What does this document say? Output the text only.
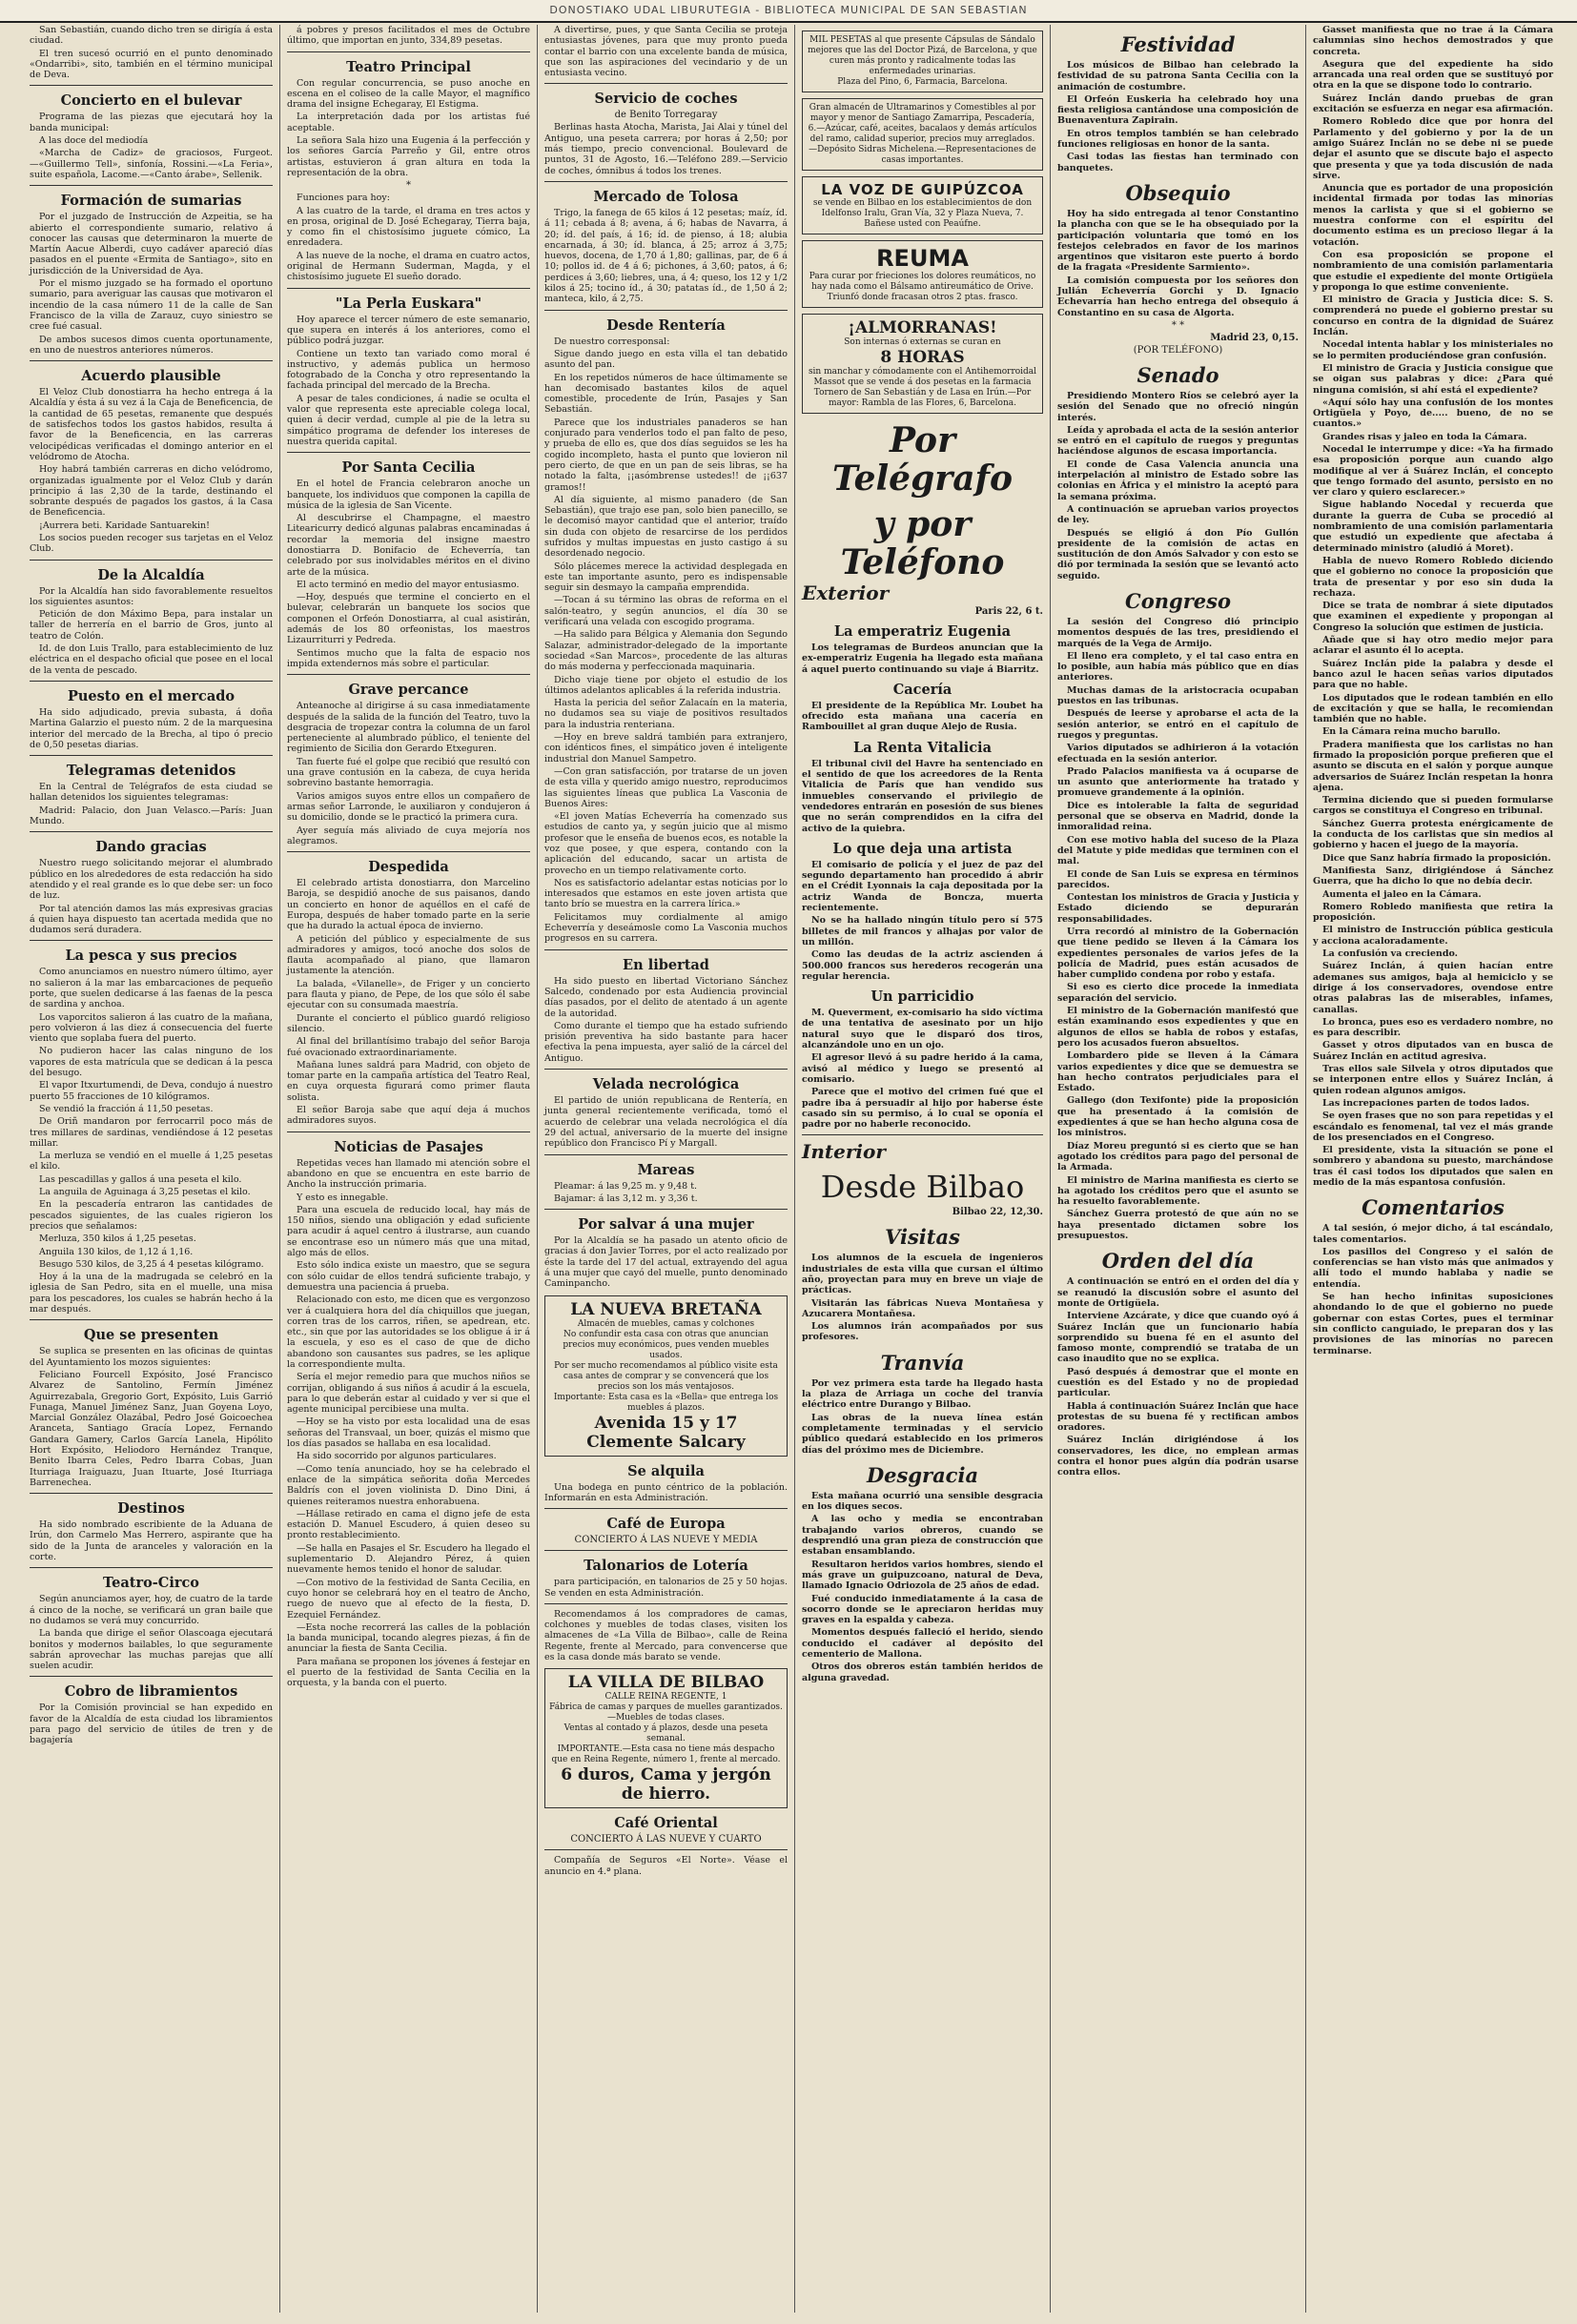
DONOSTIAKO UDAL LIBURUTEGIA - BIBLIOTECA MUNICIPAL DE SAN SEBASTIAN

San Sebastián, cuando dicho tren se dirigía á esta ciudad.

El tren sucesó ocurrió en el punto denominado «Ondarribi», sito, también en el término municipal de Deva.

Concierto en el bulevar

Programa de las piezas que ejecutará hoy la banda municipal:

A las doce del mediodía

«Marcha de Cadiz» de graciosos, Furgeot.—«Guillermo Tell», sinfonía, Rossini.—«La Feria», suite española, Lacome.—«Canto árabe», Sellenik.

Formación de sumarias

Por el juzgado de Instrucción de Azpeitia, se ha abierto el correspondiente sumario, relativo á conocer las causas que determinaron la muerte de Martín Aacue Alberdi, cuyo cadáver apareció días pasados en el puente «Ermita de Santiago», sito en jurisdicción de la Universidad de Aya.

Por el mismo juzgado se ha formado el oportuno sumario, para averiguar las causas que motivaron el incendio de la casa número 11 de la calle de San Francisco de la villa de Zarauz, cuyo siniestro se cree fué casual.

De ambos sucesos dimos cuenta oportunamente, en uno de nuestros anteriores números.

Acuerdo plausible

El Veloz Club donostiarra ha hecho entrega á la Alcaldía y ésta á su vez á la Caja de Beneficencia, de la cantidad de 65 pesetas, remanente que después de satisfechos todos los gastos habidos, resulta á favor de la Beneficencia, en las carreras velocipédicas verificadas el domingo anterior en el velódromo de Atocha.

Hoy habrá también carreras en dicho velódromo, organizadas igualmente por el Veloz Club y darán principio á las 2,30 de la tarde, destinando el sobrante después de pagados los gastos, á la Casa de Beneficencia.

¡Aurrera beti. Karidade Santuarekin!

Los socios pueden recoger sus tarjetas en el Veloz Club.

De la Alcaldía

Por la Alcaldía han sido favorablemente resueltos los siguientes asuntos:

Petición de don Máximo Bepa, para instalar un taller de herrería en el barrio de Gros, junto al teatro de Colón.

Id. de don Luis Trallo, para establecimiento de luz eléctrica en el despacho oficial que posee en el local de la venta de pescado.

Puesto en el mercado

Ha sido adjudicado, previa subasta, á doña Martina Galarzio el puesto núm. 2 de la marquesina interior del mercado de la Brecha, al tipo ó precio de 0,50 pesetas diarias.

Telegramas detenidos

En la Central de Telégrafos de esta ciudad se hallan detenidos los siguientes telegramas:

Madrid: Palacio, don Juan Velasco.—París: Juan Mundo.

Dando gracias

Nuestro ruego solicitando mejorar el alumbrado público en los alrededores de esta redacción ha sido atendido y el real grande es lo que debe ser: un foco de luz.

Por tal atención damos las más expresivas gracias á quien haya dispuesto tan acertada medida que no dudamos será duradera.

La pesca y sus precios

Como anunciamos en nuestro número último, ayer no salieron á la mar las embarcaciones de pequeño porte, que suelen dedicarse á las faenas de la pesca de sardina y anchoa.

Los vaporcitos salieron á las cuatro de la mañana, pero volvieron á las diez á consecuencia del fuerte viento que soplaba fuera del puerto.

No pudieron hacer las calas ninguno de los vapores de esta matrícula que se dedican á la pesca del besugo.

El vapor Itxurtumendi, de Deva, condujo á nuestro puerto 55 fracciones de 10 kilógramos.

Se vendió la fracción á 11,50 pesetas.

De Oriñ mandaron por ferrocarril poco más de tres millares de sardinas, vendiéndose á 12 pesetas millar.

La merluza se vendió en el muelle á 1,25 pesetas el kilo.

Las pescadillas y gallos á una peseta el kilo.

La anguila de Aguinaga á 3,25 pesetas el kilo.

En la pescadería entraron las cantidades de pescados siguientes, de las cuales rigieron los precios que señalamos:

Merluza, 350 kilos á 1,25 pesetas.

Anguila 130 kilos, de 1,12 á 1,16.

Besugo 530 kilos, de 3,25 á 4 pesetas kilógramo.

Hoy á la una de la madrugada se celebró en la iglesia de San Pedro, sita en el muelle, una misa para los pescadores, los cuales se habrán hecho á la mar después.

Que se presenten

Se suplica se presenten en las oficinas de quintas del Ayuntamiento los mozos siguientes:

Feliciano Fourcell Expósito, José Francisco Alvarez de Santolino, Fermín Jiménez Aguirrezabala, Gregorio Gort, Expósito, Luis Garrió Funaga, Manuel Jiménez Sanz, Juan Goyena Loyo, Marcial González Olazábal, Pedro José Goicoechea Aranceta, Santiago Gracía Lopez, Fernando Gandara Gamery, Carlos García Lanela, Hipólito Hort Expósito, Heliodoro Hernández Tranque, Benito Ibarra Celes, Pedro Ibarra Cobas, Juan Iturriaga Iraiguazu, Juan Ituarte, José Iturriaga Barrenechea.

Destinos

Ha sido nombrado escribiente de la Aduana de Irún, don Carmelo Mas Herrero, aspirante que ha sido de la Junta de aranceles y valoración en la corte.

Teatro-Circo

Según anunciamos ayer, hoy, de cuatro de la tarde á cinco de la noche, se verificará un gran baile que no dudamos se verá muy concurrido.

La banda que dirige el señor Olascoaga ejecutará bonitos y modernos bailables, lo que seguramente sabrán aprovechar las muchas parejas que allí suelen acudir.

Cobro de libramientos

Por la Comisión provincial se han expedido en favor de la Alcaldía de esta ciudad los libramientos para pago del servicio de útiles de tren y de bagajería

á pobres y presos facilitados el mes de Octubre último, que importan en junto, 334,89 pesetas.

Teatro Principal

Con regular concurrencia, se puso anoche en escena en el coliseo de la calle Mayor, el magnífico drama del insigne Echegaray, El Estigma.

La interpretación dada por los artistas fué aceptable.

La señora Sala hizo una Eugenia á la perfección y los señores García Parreño y Gil, entre otros artistas, estuvieron á gran altura en toda la representación de la obra.

*

Funciones para hoy:

A las cuatro de la tarde, el drama en tres actos y en prosa, original de D. José Echegaray, Tierra baja, y como fin el chistosísimo juguete cómico, La enredadera.

A las nueve de la noche, el drama en cuatro actos, original de Hermann Suderman, Magda, y el chistosísimo juguete El sueño dorado.

"La Perla Euskara"

Hoy aparece el tercer número de este semanario, que supera en interés á los anteriores, como el público podrá juzgar.

Contiene un texto tan variado como moral é instructivo, y además publica un hermoso fotograbado de la Concha y otro representando la fachada principal del mercado de la Brecha.

A pesar de tales condiciones, á nadie se oculta el valor que representa este apreciable colega local, quien á decir verdad, cumple al pie de la letra su simpático programa de defender los intereses de nuestra querida capital.

Por Santa Cecilia

En el hotel de Francia celebraron anoche un banquete, los individuos que componen la capilla de música de la iglesia de San Vicente.

Al descubrirse el Champagne, el maestro Litearicurry dedicó algunas palabras encaminadas á recordar la memoria del insigne maestro donostiarra D. Bonifacio de Echeverría, tan celebrado por sus inolvidables méritos en el divino arte de la música.

El acto terminó en medio del mayor entusiasmo.

—Hoy, después que termine el concierto en el bulevar, celebrarán un banquete los socios que componen el Orfeón Donostiarra, al cual asistirán, además de los 80 orfeonistas, los maestros Lizaurriturri y Pedreda.

Sentimos mucho que la falta de espacio nos impida extendernos más sobre el particular.

Grave percance

Anteanoche al dirigirse á su casa inmediatamente después de la salida de la función del Teatro, tuvo la desgracia de tropezar contra la columna de un farol perteneciente al alumbrado público, el teniente del regimiento de Sicilia don Gerardo Etxeguren.

Tan fuerte fué el golpe que recibió que resultó con una grave contusión en la cabeza, de cuya herida sobrevino bastante hemorragia.

Varios amigos suyos entre ellos un compañero de armas señor Larronde, le auxiliaron y condujeron á su domicilio, donde se le practicó la primera cura.

Ayer seguía más aliviado de cuya mejoría nos alegramos.

Despedida

El celebrado artista donostiarra, don Marcelino Baroja, se despidió anoche de sus paisanos, dando un concierto en honor de aquéllos en el café de Europa, después de haber tomado parte en la serie que ha durado la actual época de invierno.

A petición del público y especialmente de sus admiradores y amigos, tocó anoche dos solos de flauta acompañado al piano, que llamaron justamente la atención.

La balada, «Vilanelle», de Friger y un concierto para flauta y piano, de Pepe, de los que sólo él sabe ejecutar con su consumada maestría.

Durante el concierto el público guardó religioso silencio.

Al final del brillantísimo trabajo del señor Baroja fué ovacionado extraordinariamente.

Mañana lunes saldrá para Madrid, con objeto de tomar parte en la campaña artística del Teatro Real, en cuya orquesta figurará como primer flauta solista.

El señor Baroja sabe que aquí deja á muchos admiradores suyos.

Noticias de Pasajes

Repetidas veces han llamado mi atención sobre el abandono en que se encuentra en este barrio de Ancho la instrucción primaria.

Y esto es innegable.

Para una escuela de reducido local, hay más de 150 niños, siendo una obligación y edad suficiente para acudir á aquel centro á ilustrarse, aun cuando se encontrase eso un número más que una mitad, algo más de ellos.

Esto sólo indica existe un maestro, que se segura con sólo cuidar de ellos tendrá suficiente trabajo, y demuestra una paciencia á prueba.

Relacionado con esto, me dicen que es vergonzoso ver á cualquiera hora del día chiquillos que juegan, corren tras de los carros, riñen, se apedrean, etc. etc., sin que por las autoridades se los obligue á ir á la escuela, y eso es el caso de que de dicho abandono son causantes sus padres, se les aplique la correspondiente multa.

Sería el mejor remedio para que muchos niños se corrijan, obligando á sus niños á acudir á la escuela, para lo que deberán estar al cuidado y ver si que el agente municipal percibiese una multa.

—Hoy se ha visto por esta localidad una de esas señoras del Transvaal, un boer, quizás el mismo que los días pasados se hallaba en esa localidad.

Ha sido socorrido por algunos particulares.

—Como tenía anunciado, hoy se ha celebrado el enlace de la simpática señorita doña Mercedes Baldrís con el joven violinista D. Dino Dini, á quienes reiteramos nuestra enhorabuena.

—Hállase retirado en cama el digno jefe de esta estación D. Manuel Escudero, á quien deseo su pronto restablecimiento.

—Se halla en Pasajes el Sr. Escudero ha llegado el suplementario D. Alejandro Pérez, á quien nuevamente hemos tenido el honor de saludar.

—Con motivo de la festividad de Santa Cecilia, en cuyo honor se celebrará hoy en el teatro de Ancho, ruego de nuevo que al efecto de la fiesta, D. Ezequiel Fernández.

—Esta noche recorrerá las calles de la población la banda municipal, tocando alegres piezas, á fin de anunciar la fiesta de Santa Cecilia.

Para mañana se proponen los jóvenes á festejar en el puerto de la festividad de Santa Cecilia en la orquesta, y la banda con el puerto.

A divertirse, pues, y que Santa Cecilia se proteja entusiastas jóvenes, para que muy pronto pueda contar el barrio con una excelente banda de música, que son las aspiraciones del vecindario y de un entusiasta vecino.

Servicio de coches
de Benito Torregaray

Berlinas hasta Atocha, Marista, Jai Alai y túnel del Antiguo, una peseta carrera; por horas á 2,50; por más tiempo, precio convencional. Boulevard de puntos, 31 de Agosto, 16.—Teléfono 289.—Servicio de coches, ómnibus á todos los trenes.

Mercado de Tolosa

Trigo, la fanega de 65 kilos á 12 pesetas; maíz, íd. á 11; cebada á 8; avena, á 6; habas de Navarra, á 20; íd. del país, á 16; íd. de pienso, á 18; alubia encarnada, á 30; íd. blanca, á 25; arroz á 3,75; huevos, docena, de 1,70 á 1,80; gallinas, par, de 6 á 10; pollos id. de 4 á 6; pichones, á 3,60; patos, á 6; perdices á 3,60; liebres, una, á 4; queso, los 12 y 1/2 kilos á 25; tocino íd., á 30; patatas íd., de 1,50 á 2; manteca, kilo, á 2,75.

Desde Rentería

De nuestro corresponsal:

Sigue dando juego en esta villa el tan debatido asunto del pan.

En los repetidos números de hace últimamente se han decomisado bastantes kilos de aquel comestible, procedente de Irún, Pasajes y San Sebastián.

Parece que los industriales panaderos se han conjurado para venderlos todo el pan falto de peso, y prueba de ello es, que dos días seguidos se les ha cogido incompleto, hasta el punto que lovieron nil pero cierto, de que en un pan de seis libras, se ha notado la falta, ¡¡asómbrense ustedes!! de ¡¡637 gramos!!

Al día siguiente, al mismo panadero (de San Sebastián), que trajo ese pan, solo bien panecillo, se le decomisó mayor cantidad que el anterior, traído sin duda con objeto de resarcirse de los perdidos sufridos y multas impuestas en justo castigo á su desordenado negocio.

Sólo plácemes merece la actividad desplegada en este tan importante asunto, pero es indispensable seguir sin desmayo la campaña emprendida.

—Tocan á su término las obras de reforma en el salón-teatro, y según anuncios, el día 30 se verificará una velada con escogido programa.

—Ha salido para Bélgica y Alemania don Segundo Salazar, administrador-delegado de la importante sociedad «San Marcos», procedente de las alturas do más moderna y perfeccionada maquinaria.

Dicho viaje tiene por objeto el estudio de los últimos adelantos aplicables á la referida industria.

Hasta la pericia del señor Zalacaín en la materia, no dudamos sea su viaje de positivos resultados para la industria renteriana.

—Hoy en breve saldrá también para extranjero, con idénticos fines, el simpático joven é inteligente industrial don Manuel Sampetro.

—Con gran satisfacción, por tratarse de un joven de esta villa y querido amigo nuestro, reproducimos las siguientes líneas que publica La Vasconia de Buenos Aires:

«El joven Matías Echeverría ha comenzado sus estudios de canto ya, y según juicio que al mismo profesor que le enseña de buenos ecos, es notable la voz que posee, y que espera, contando con la aplicación del educando, sacar un artista de provecho en un tiempo relativamente corto.

Nos es satisfactorio adelantar estas noticias por lo interesados que estamos en este joven artista que tanto brío se muestra en la carrera lírica.»

Felicitamos muy cordialmente al amigo Echeverría y deseámosle como La Vasconia muchos progresos en su carrera.

En libertad

Ha sido puesto en libertad Victoriano Sánchez Salcedo, condenado por esta Audiencia provincial días pasados, por el delito de atentado á un agente de la autoridad.

Como durante el tiempo que ha estado sufriendo prisión preventiva ha sido bastante para hacer efectiva la pena impuesta, ayer salió de la cárcel del Antiguo.

Velada necrológica

El partido de unión republicana de Rentería, en junta general recientemente verificada, tomó el acuerdo de celebrar una velada necrológica el día 29 del actual, aniversario de la muerte del insigne repúblico don Francisco Pí y Margall.

Mareas

Pleamar: á las 9,25 m. y 9,48 t.

Bajamar: á las 3,12 m. y 3,36 t.

Por salvar á una mujer

Por la Alcaldía se ha pasado un atento oficio de gracias á don Javier Torres, por el acto realizado por éste la tarde del 17 del actual, extrayendo del agua á una mujer que cayó del muelle, punto denominado Caminpancho.

LA NUEVA BRETAÑA
Almacén de muebles, camas y colchones
No confundir esta casa con otras que anuncian precios muy económicos, pues venden muebles usados.
Por ser mucho recomendamos al público visite esta casa antes de comprar y se convencerá que los precios son los más ventajosos.
Importante: Esta casa es la «Bella» que entrega los muebles á plazos.
Avenida 15 y 17 Clemente Salcary
Se alquila

Una bodega en punto céntrico de la población. Informarán en esta Administración.

Café de Europa
CONCIERTO Á LAS NUEVE Y MEDIA
Talonarios de Lotería

para participación, en talonarios de 25 y 50 hojas. Se venden en esta Administración.

Recomendamos á los compradores de camas, colchones y muebles de todas clases, visiten los almacenes de «La Villa de Bilbao», calle de Reina Regente, frente al Mercado, para convencerse que es la casa donde más barato se vende.

LA VILLA DE BILBAO
CALLE REINA REGENTE, 1
Fábrica de camas y parques de muelles garantizados.—Muebles de todas clases.
Ventas al contado y á plazos, desde una peseta semanal.
IMPORTANTE.—Esta casa no tiene más despacho que en Reina Regente, número 1, frente al mercado.
6 duros, Cama y jergón de hierro.
Café Oriental
CONCIERTO Á LAS NUEVE Y CUARTO

Compañía de Seguros «El Norte». Véase el anuncio en 4.ª plana.

MIL PESETAS al que presente Cápsulas de Sándalo mejores que las del Doctor Pizá, de Barcelona, y que curen más pronto y radicalmente todas las enfermedades urinarias.
Plaza del Pino, 6, Farmacia, Barcelona.
Gran almacén de Ultramarinos y Comestibles al por mayor y menor de Santiago Zamarripa, Pescadería, 6.—Azúcar, café, aceites, bacalaos y demás artículos del ramo, calidad superior, precios muy arreglados.—Depósito Sidras Michelena.—Representaciones de casas importantes.
LA VOZ DE GUIPÚZCOA
se vende en Bilbao en los establecimientos de don Idelfonso Iralu, Gran Vía, 32 y Plaza Nueva, 7.
Bañese usted con Peaúfne.
REUMA
Para curar por frieciones los dolores reumáticos, no hay nada como el Bálsamo antireumático de Orive. Triunfó donde fracasan otros 2 ptas. frasco.
¡ALMORRANAS!
Son internas ó externas se curan en
8 HORAS
sin manchar y cómodamente con el Antihemorroidal Massot que se vende á dos pesetas en la farmacia Tornero de San Sebastián y de Lasa en Irún.—Por mayor: Rambla de las Flores, 6, Barcelona.
Por Telégrafo
y por Teléfono
Exterior
Paris 22, 6 t.
La emperatriz Eugenia

Los telegramas de Burdeos anuncian que la ex-emperatriz Eugenia ha llegado esta mañana á aquel puerto continuando su viaje á Biarritz.

Cacería

El presidente de la República Mr. Loubet ha ofrecido esta mañana una cacería en Rambouillet al gran duque Alejo de Rusia.

La Renta Vitalicia

El tribunal civil del Havre ha sentenciado en el sentido de que los acreedores de la Renta Vitalicia de París que han vendido sus inmuebles conservando el privilegio de vendedores entrarán en posesión de sus bienes que no serán comprendidos en la cifra del activo de la quiebra.

Lo que deja una artista

El comisario de policía y el juez de paz del segundo departamento han procedido á abrir en el Crédit Lyonnais la caja depositada por la actriz Wanda de Boncza, muerta recientemente.

No se ha hallado ningún título pero sí 575 billetes de mil francos y alhajas por valor de un millón.

Como las deudas de la actriz ascienden á 500.000 francos sus herederos recogerán una regular herencia.

Un parricidio

M. Queverment, ex-comisario ha sido víctima de una tentativa de asesinato por un hijo natural suyo que le disparó dos tiros, alcanzándole uno en un ojo.

El agresor llevó á su padre herido á la cama, avisó al médico y luego se presentó al comisario.

Parece que el motivo del crimen fué que el padre iba á persuadir al hijo por haberse éste casado sin su permiso, á lo cual se oponía el padre por no haberle reconocido.

Interior
Desde Bilbao
Bilbao 22, 12,30.
Visitas

Los alumnos de la escuela de ingenieros industriales de esta villa que cursan el último año, proyectan para muy en breve un viaje de prácticas.

Visitarán las fábricas Nueva Montañesa y Azucarera Montañesa.

Los alumnos irán acompañados por sus profesores.

Tranvía

Por vez primera esta tarde ha llegado hasta la plaza de Arriaga un coche del tranvía eléctrico entre Durango y Bilbao.

Las obras de la nueva línea están completamente terminadas y el servicio público quedará establecido en los primeros días del próximo mes de Diciembre.

Desgracia

Esta mañana ocurrió una sensible desgracia en los diques secos.

A las ocho y media se encontraban trabajando varios obreros, cuando se desprendió una gran pieza de construcción que estaban ensamblando.

Resultaron heridos varios hombres, siendo el más grave un guipuzcoano, natural de Deva, llamado Ignacio Odriozola de 25 años de edad.

Fué conducido inmediatamente á la casa de socorro donde se le apreciaron heridas muy graves en la espalda y cabeza.

Momentos después falleció el herido, siendo conducido el cadáver al depósito del cementerio de Mallona.

Otros dos obreros están también heridos de alguna gravedad.

Festividad

Los músicos de Bilbao han celebrado la festividad de su patrona Santa Cecilia con la animación de costumbre.

El Orfeón Euskeria ha celebrado hoy una fiesta religiosa cantándose una composición de Buenaventura Zapirain.

En otros templos también se han celebrado funciones religiosas en honor de la santa.

Casi todas las fiestas han terminado con banquetes.

Obsequio

Hoy ha sido entregada al tenor Constantino la plancha con que se le ha obsequiado por la participación voluntaria que tomó en los festejos celebrados en favor de los marinos argentinos que visitaron este puerto á bordo de la fragata «Presidente Sarmiento».

La comisión compuesta por los señores don Julián Echeverría Gorchi y D. Ignacio Echevarría han hecho entrega del obsequio á Constantino en su casa de Algorta.

* *
Madrid 23, 0,15.
(POR TELÉFONO)
Senado

Presidiendo Montero Ríos se celebró ayer la sesión del Senado que no ofreció ningún interés.

Leída y aprobada el acta de la sesión anterior se entró en el capítulo de ruegos y preguntas haciéndose algunos de escasa importancia.

El conde de Casa Valencia anuncia una interpelación al ministro de Estado sobre las colonias en África y el ministro la aceptó para la semana próxima.

A continuación se aprueban varios proyectos de ley.

Después se eligió á don Pío Gullón presidente de la comisión de actas en sustitución de don Amós Salvador y con esto se dió por terminada la sesión que se levantó acto seguido.

Congreso

La sesión del Congreso dió principio momentos después de las tres, presidiendo el marqués de la Vega de Armijo.

El lleno era completo, y el tal caso entra en lo posible, aun había más público que en días anteriores.

Muchas damas de la aristocracia ocupaban puestos en las tribunas.

Después de leerse y aprobarse el acta de la sesión anterior, se entró en el capítulo de ruegos y preguntas.

Varios diputados se adhirieron á la votación efectuada en la sesión anterior.

Prado Palacios manifiesta va á ocuparse de un asunto que anteriormente ha tratado y promueve grandemente á la opinión.

Dice es intolerable la falta de seguridad personal que se observa en Madrid, donde la inmoralidad reina.

Con ese motivo habla del suceso de la Plaza del Matute y pide medidas que terminen con el mal.

El conde de San Luis se expresa en términos parecidos.

Contestan los ministros de Gracia y Justicia y Estado diciendo se depurarán responsabilidades.

Urra recordó al ministro de la Gobernación que tiene pedido se lleven á la Cámara los expedientes personales de varios jefes de la policía de Madrid, pues están acusados de haber cumplido condena por robo y estafa.

Si eso es cierto dice procede la inmediata separación del servicio.

El ministro de la Gobernación manifestó que están examinando esos expedientes y que en algunos de ellos se habla de robos y estafas, pero los acusados fueron absueltos.

Lombardero pide se lleven á la Cámara varios expedientes y dice que se demuestra se han hecho contratos perjudiciales para el Estado.

Gallego (don Texifonte) pide la proposición que ha presentado á la comisión de expedientes á que se han hecho alguna cosa de los ministros.

Díaz Moreu preguntó si es cierto que se han agotado los créditos para pago del personal de la Armada.

El ministro de Marina manifiesta es cierto se ha agotado los créditos pero que el asunto se ha resuelto favorablemente.

Sánchez Guerra protestó de que aún no se haya presentado dictamen sobre los presupuestos.

Orden del día

A continuación se entró en el orden del día y se reanudó la discusión sobre el asunto del monte de Ortigüela.

Interviene Azcárate, y dice que cuando oyó á Suárez Inclán que un funcionario había sorprendido su buena fé en el asunto del famoso monte, comprendió se trataba de un caso inaudito que no se explica.

Pasó después á demostrar que el monte en cuestión es del Estado y no de propiedad particular.

Habla á continuación Suárez Inclán que hace protestas de su buena fé y rectifican ambos oradores.

Suárez Inclán dirigiéndose á los conservadores, les dice, no emplean armas contra el honor pues algún día podrán usarse contra ellos.

Gasset manifiesta que no trae á la Cámara calumnias sino hechos demostrados y que concreta.

Asegura que del expediente ha sido arrancada una real orden que se sustituyó por otra en la que se dispone todo lo contrario.

Suárez Inclán dando pruebas de gran excitación se esfuerza en negar esa afirmación.

Romero Robledo dice que por honra del Parlamento y del gobierno y por la de un amigo Suárez Inclán no se debe ni se puede dejar el asunto que se discute bajo el aspecto que presenta y que ya toda discusión de nada sirve.

Anuncia que es portador de una proposición incidental firmada por todas las minorías menos la carlista y que si el gobierno se muestra conforme con el espíritu del documento estima es un precioso llegar á la votación.

Con esa proposición se propone el nombramiento de una comisión parlamentaria que estudie el expediente del monte Ortigüela y proponga lo que estime conveniente.

El ministro de Gracia y Justicia dice: S. S. comprenderá no puede el gobierno prestar su concurso en contra de la dignidad de Suárez Inclán.

Nocedal intenta hablar y los ministeriales no se lo permiten produciéndose gran confusión.

El ministro de Gracia y Justicia consigue que se oigan sus palabras y dice: ¿Para qué ninguna comisión, si ahí está el expediente?

«Aquí sólo hay una confusión de los montes Ortigüela y Poyo, de..... bueno, de no se cuantos.»

Grandes risas y jaleo en toda la Cámara.

Nocedal le interrumpe y dice: «Ya ha firmado esa proposición porque aun cuando algo modifique al ver á Suárez Inclán, el concepto que tengo formado del asunto, persisto en no ver claro y quiero esclarecer.»

Sigue hablando Nocedal y recuerda que durante la guerra de Cuba se procedió al nombramiento de una comisión parlamentaria que estudió un expediente que afectaba á determinado ministro (aludió á Moret).

Habla de nuevo Romero Robledo diciendo que el gobierno no conoce la proposición que trata de presentar y por eso sin duda la rechaza.

Dice se trata de nombrar á siete diputados que examinen el expediente y propongan al Congreso la solución que estimen de justicia.

Añade que si hay otro medio mejor para aclarar el asunto él lo acepta.

Suárez Inclán pide la palabra y desde el banco azul le hacen señas varios diputados para que no hable.

Los diputados que le rodean también en ello de excitación y que se halla, le recomiendan también que no hable.

En la Cámara reina mucho barullo.

Pradera manifiesta que los carlistas no han firmado la proposición porque prefieren que el asunto se discuta en el salón y porque aunque adversarios de Suárez Inclán respetan la honra ajena.

Termina diciendo que si pueden formularse cargos se constituya el Congreso en tribunal.

Sánchez Guerra protesta enérgicamente de la conducta de los carlistas que sin medios al gobierno y hacen el juego de la mayoría.

Dice que Sanz habría firmado la proposición.

Manifiesta Sanz, dirigiéndose á Sánchez Guerra, que ha dicho lo que no debía decir.

Aumenta el jaleo en la Cámara.

Romero Robledo manifiesta que retira la proposición.

El ministro de Instrucción pública gesticula y acciona acaloradamente.

La confusión va creciendo.

Suárez Inclán, á quien hacían entre ademanes sus amigos, baja al hemiciclo y se dirige á los conservadores, ovendose entre otras palabras las de miserables, infames, canallas.

Lo bronca, pues eso es verdadero nombre, no es para describir.

Gasset y otros diputados van en busca de Suárez Inclán en actitud agresiva.

Tras ellos sale Silvela y otros diputados que se interponen entre ellos y Suárez Inclán, á quien rodean algunos amigos.

Las increpaciones parten de todos lados.

Se oyen frases que no son para repetidas y el escándalo es fenomenal, tal vez el más grande de los presenciados en el Congreso.

El presidente, vista la situación se pone el sombrero y abandona su puesto, marchándose tras él casi todos los diputados que salen en medio de la más espantosa confusión.

Comentarios

A tal sesión, ó mejor dicho, á tal escándalo, tales comentarios.

Los pasillos del Congreso y el salón de conferencias se han visto más que animados y allí todo el mundo hablaba y nadie se entendía.

Se han hecho infinitas suposiciones ahondando lo de que el gobierno no puede gobernar con estas Cortes, pues el terminar sin conflicto canguiado, le preparan dos y las provisiones de las minorías no parecen terminarse.
